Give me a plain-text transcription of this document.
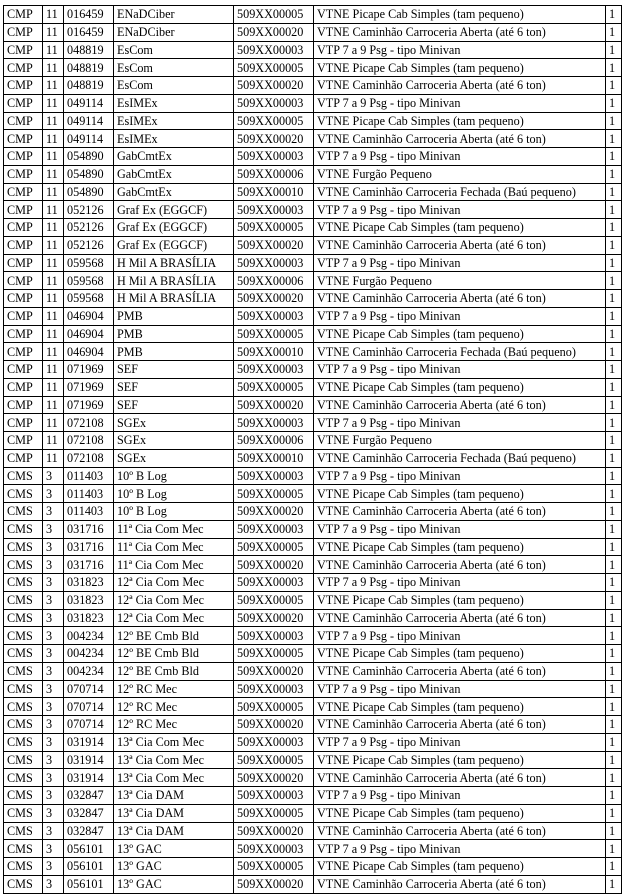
CMP	11	016459	ENaDCiber	509XX00005	VTNE Picape Cab Simples (tam pequeno)	1
CMP	11	016459	ENaDCiber	509XX00020	VTNE Caminhão Carroceria Aberta (até 6 ton)	1
CMP	11	048819	EsCom	509XX00003	VTP 7 a 9 Psg - tipo Minivan	1
CMP	11	048819	EsCom	509XX00005	VTNE Picape Cab Simples (tam pequeno)	1
CMP	11	048819	EsCom	509XX00020	VTNE Caminhão Carroceria Aberta (até 6 ton)	1
CMP	11	049114	EsIMEx	509XX00003	VTP 7 a 9 Psg - tipo Minivan	1
CMP	11	049114	EsIMEx	509XX00005	VTNE Picape Cab Simples (tam pequeno)	1
CMP	11	049114	EsIMEx	509XX00020	VTNE Caminhão Carroceria Aberta (até 6 ton)	1
CMP	11	054890	GabCmtEx	509XX00003	VTP 7 a 9 Psg - tipo Minivan	1
CMP	11	054890	GabCmtEx	509XX00006	VTNE Furgão Pequeno	1
CMP	11	054890	GabCmtEx	509XX00010	VTNE Caminhão Carroceria Fechada (Baú pequeno)	1
CMP	11	052126	Graf Ex (EGGCF)	509XX00003	VTP 7 a 9 Psg - tipo Minivan	1
CMP	11	052126	Graf Ex (EGGCF)	509XX00005	VTNE Picape Cab Simples (tam pequeno)	1
CMP	11	052126	Graf Ex (EGGCF)	509XX00020	VTNE Caminhão Carroceria Aberta (até 6 ton)	1
CMP	11	059568	H Mil A BRASÍLIA	509XX00003	VTP 7 a 9 Psg - tipo Minivan	1
CMP	11	059568	H Mil A BRASÍLIA	509XX00006	VTNE Furgão Pequeno	1
CMP	11	059568	H Mil A BRASÍLIA	509XX00020	VTNE Caminhão Carroceria Aberta (até 6 ton)	1
CMP	11	046904	PMB	509XX00003	VTP 7 a 9 Psg - tipo Minivan	1
CMP	11	046904	PMB	509XX00005	VTNE Picape Cab Simples (tam pequeno)	1
CMP	11	046904	PMB	509XX00010	VTNE Caminhão Carroceria Fechada (Baú pequeno)	1
CMP	11	071969	SEF	509XX00003	VTP 7 a 9 Psg - tipo Minivan	1
CMP	11	071969	SEF	509XX00005	VTNE Picape Cab Simples (tam pequeno)	1
CMP	11	071969	SEF	509XX00020	VTNE Caminhão Carroceria Aberta (até 6 ton)	1
CMP	11	072108	SGEx	509XX00003	VTP 7 a 9 Psg - tipo Minivan	1
CMP	11	072108	SGEx	509XX00006	VTNE Furgão Pequeno	1
CMP	11	072108	SGEx	509XX00010	VTNE Caminhão Carroceria Fechada (Baú pequeno)	1
CMS	3	011403	10º B Log	509XX00003	VTP 7 a 9 Psg - tipo Minivan	1
CMS	3	011403	10º B Log	509XX00005	VTNE Picape Cab Simples (tam pequeno)	1
CMS	3	011403	10º B Log	509XX00020	VTNE Caminhão Carroceria Aberta (até 6 ton)	1
CMS	3	031716	11ª Cia Com Mec	509XX00003	VTP 7 a 9 Psg - tipo Minivan	1
CMS	3	031716	11ª Cia Com Mec	509XX00005	VTNE Picape Cab Simples (tam pequeno)	1
CMS	3	031716	11ª Cia Com Mec	509XX00020	VTNE Caminhão Carroceria Aberta (até 6 ton)	1
CMS	3	031823	12ª Cia Com Mec	509XX00003	VTP 7 a 9 Psg - tipo Minivan	1
CMS	3	031823	12ª Cia Com Mec	509XX00005	VTNE Picape Cab Simples (tam pequeno)	1
CMS	3	031823	12ª Cia Com Mec	509XX00020	VTNE Caminhão Carroceria Aberta (até 6 ton)	1
CMS	3	004234	12º BE Cmb Bld	509XX00003	VTP 7 a 9 Psg - tipo Minivan	1
CMS	3	004234	12º BE Cmb Bld	509XX00005	VTNE Picape Cab Simples (tam pequeno)	1
CMS	3	004234	12º BE Cmb Bld	509XX00020	VTNE Caminhão Carroceria Aberta (até 6 ton)	1
CMS	3	070714	12º RC Mec	509XX00003	VTP 7 a 9 Psg - tipo Minivan	1
CMS	3	070714	12º RC Mec	509XX00005	VTNE Picape Cab Simples (tam pequeno)	1
CMS	3	070714	12º RC Mec	509XX00020	VTNE Caminhão Carroceria Aberta (até 6 ton)	1
CMS	3	031914	13ª Cia Com Mec	509XX00003	VTP 7 a 9 Psg - tipo Minivan	1
CMS	3	031914	13ª Cia Com Mec	509XX00005	VTNE Picape Cab Simples (tam pequeno)	1
CMS	3	031914	13ª Cia Com Mec	509XX00020	VTNE Caminhão Carroceria Aberta (até 6 ton)	1
CMS	3	032847	13ª Cia DAM	509XX00003	VTP 7 a 9 Psg - tipo Minivan	1
CMS	3	032847	13ª Cia DAM	509XX00005	VTNE Picape Cab Simples (tam pequeno)	1
CMS	3	032847	13ª Cia DAM	509XX00020	VTNE Caminhão Carroceria Aberta (até 6 ton)	1
CMS	3	056101	13º GAC	509XX00003	VTP 7 a 9 Psg - tipo Minivan	1
CMS	3	056101	13º GAC	509XX00005	VTNE Picape Cab Simples (tam pequeno)	1
CMS	3	056101	13º GAC	509XX00020	VTNE Caminhão Carroceria Aberta (até 6 ton)	1
